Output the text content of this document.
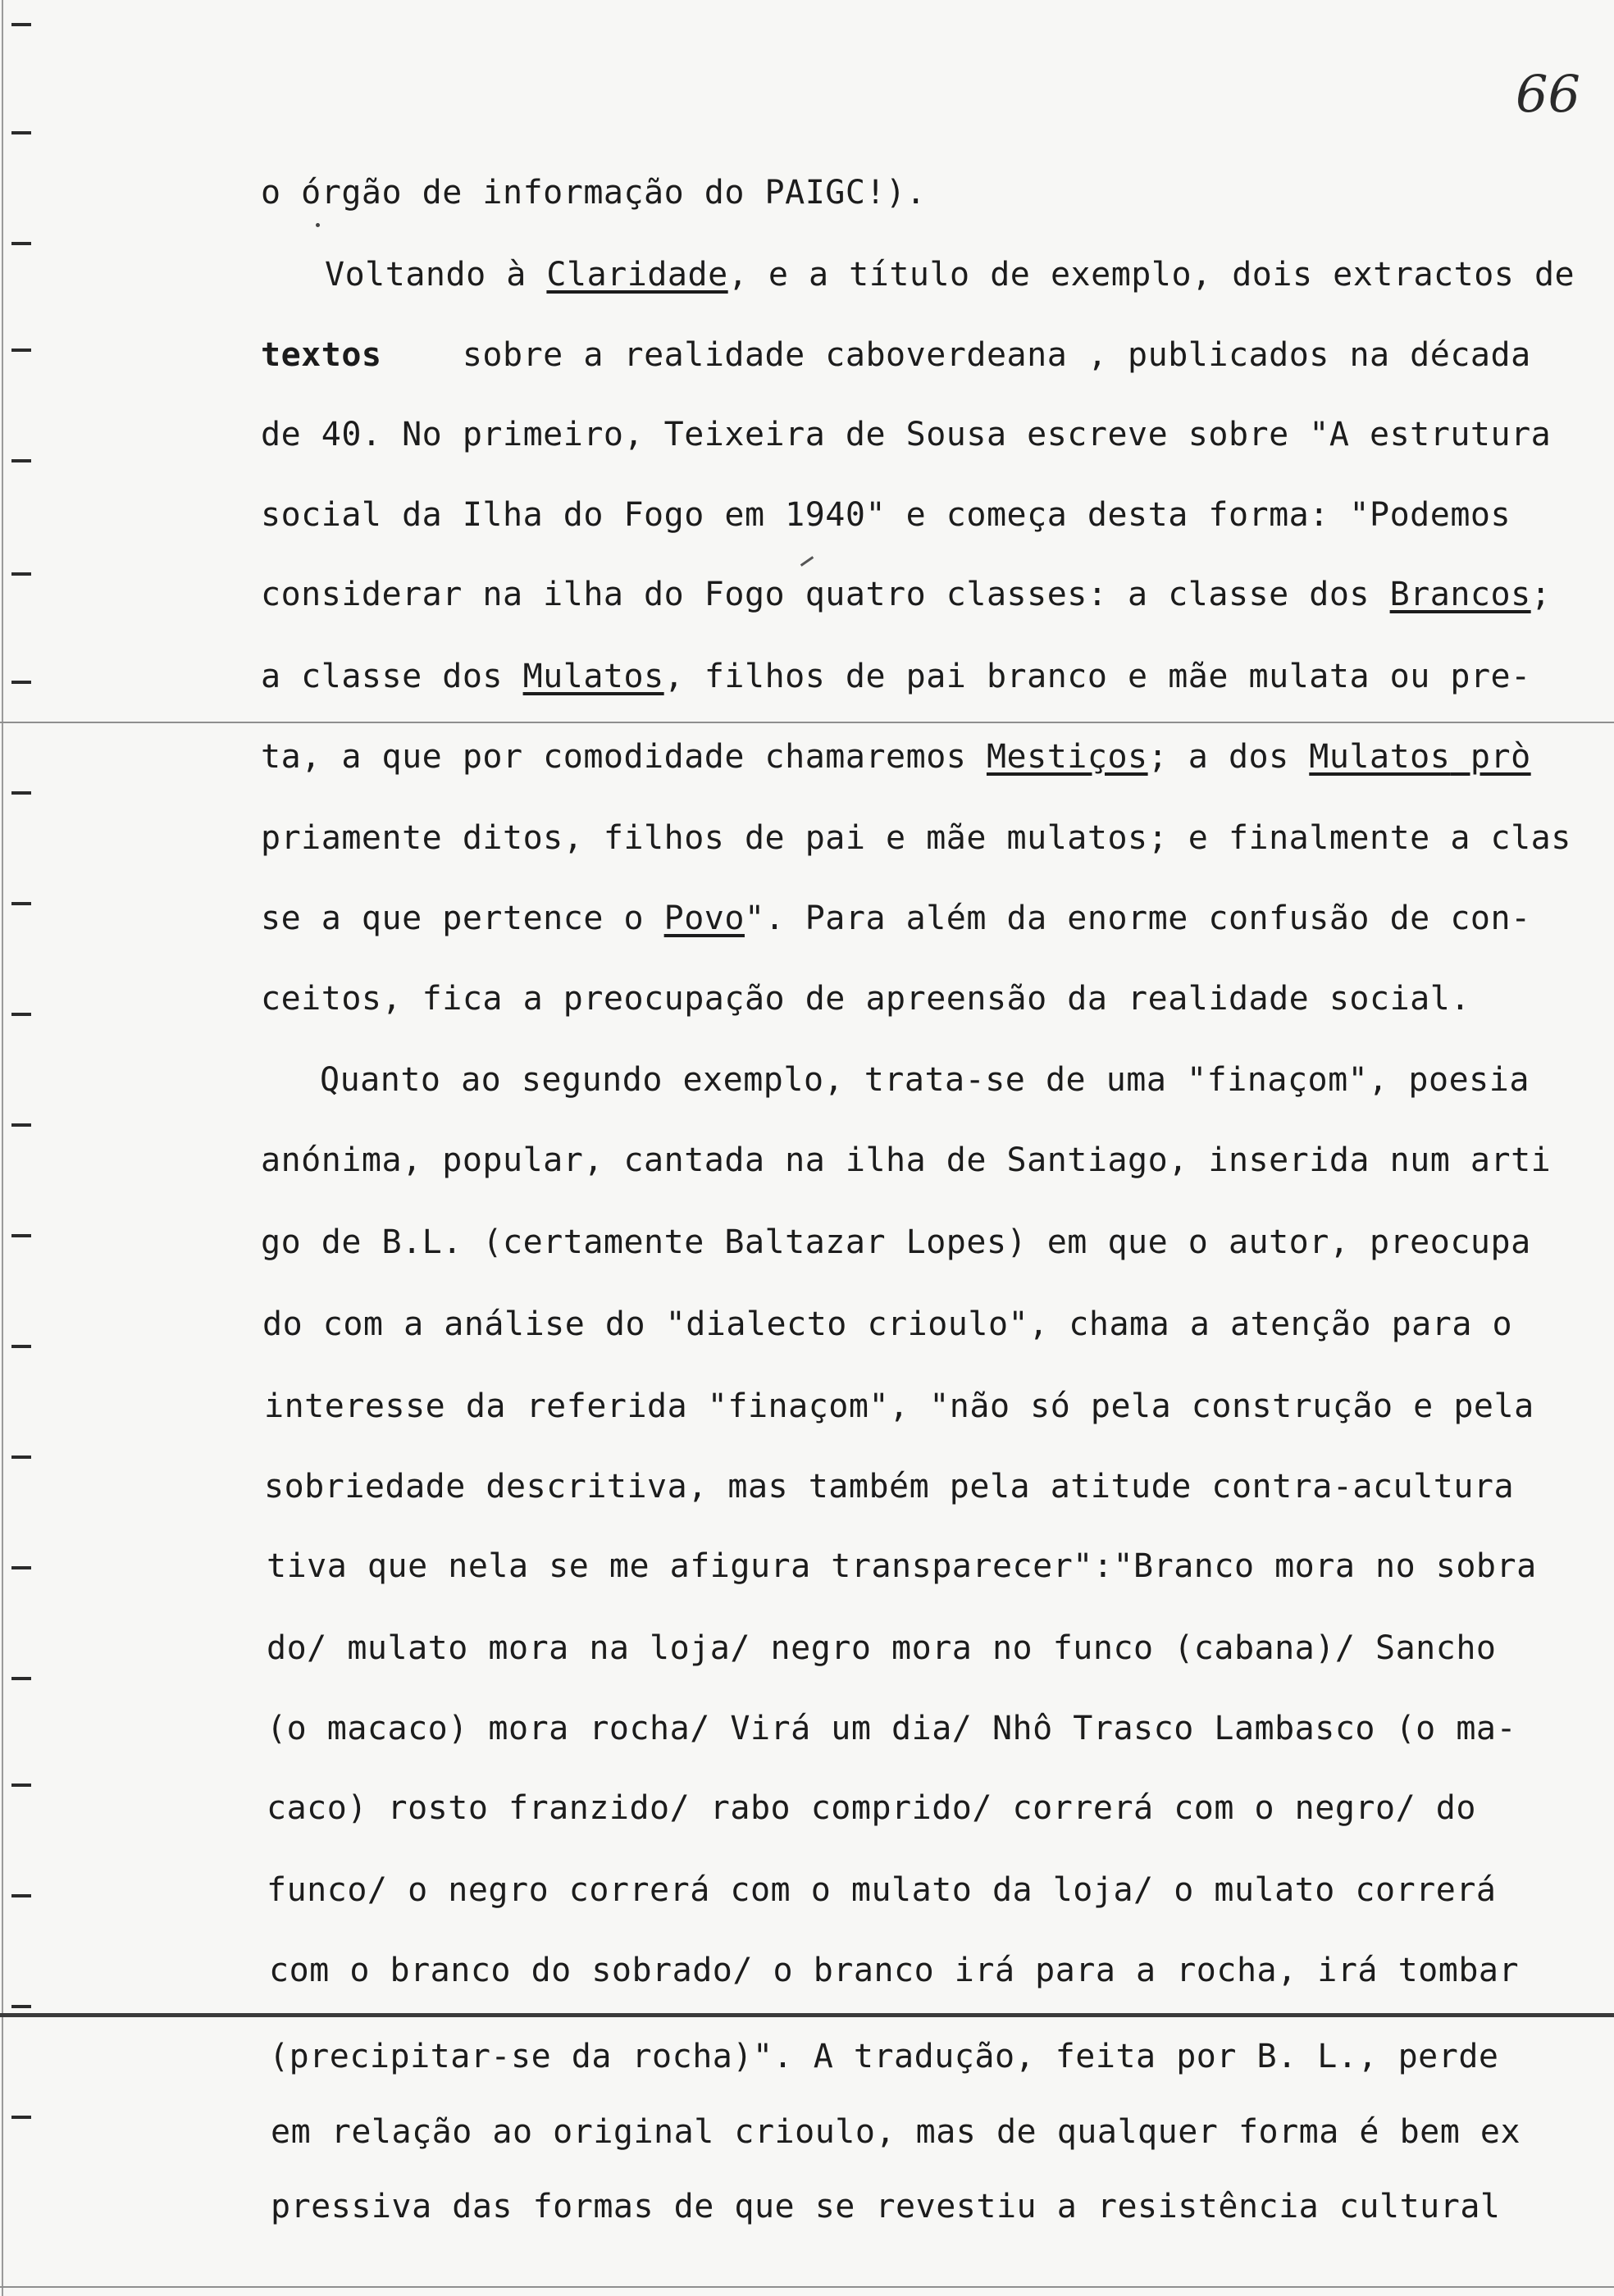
66
o órgão de informação do PAIGC!).
Voltando à Claridade, e a título de exemplo, dois extractos de
textos    sobre a realidade caboverdeana , publicados na década
de 40. No primeiro, Teixeira de Sousa escreve sobre "A estrutura
social da Ilha do Fogo em 1940" e começa desta forma: "Podemos
considerar na ilha do Fogo quatro classes: a classe dos Brancos;
a classe dos Mulatos, filhos de pai branco e mãe mulata ou pre-
ta, a que por comodidade chamaremos Mestiços; a dos Mulatos prò
priamente ditos, filhos de pai e mãe mulatos; e finalmente a clas
se a que pertence o Povo". Para além da enorme confusão de con-
ceitos, fica a preocupação de apreensão da realidade social.
Quanto ao segundo exemplo, trata-se de uma "finaçom", poesia
anónima, popular, cantada na ilha de Santiago, inserida num arti
go de B.L. (certamente Baltazar Lopes) em que o autor, preocupa
do com a análise do "dialecto crioulo", chama a atenção para o
interesse da referida "finaçom", "não só pela construção e pela
sobriedade descritiva, mas também pela atitude contra-acultura
tiva que nela se me afigura transparecer":"Branco mora no sobra
do/ mulato mora na loja/ negro mora no funco (cabana)/ Sancho
(o macaco) mora rocha/ Virá um dia/ Nhô Trasco Lambasco (o ma-
caco) rosto franzido/ rabo comprido/ correrá com o negro/ do
funco/ o negro correrá com o mulato da loja/ o mulato correrá
com o branco do sobrado/ o branco irá para a rocha, irá tombar
(precipitar-se da rocha)". A tradução, feita por B. L., perde
em relação ao original crioulo, mas de qualquer forma é bem ex
pressiva das formas de que se revestiu a resistência cultural
